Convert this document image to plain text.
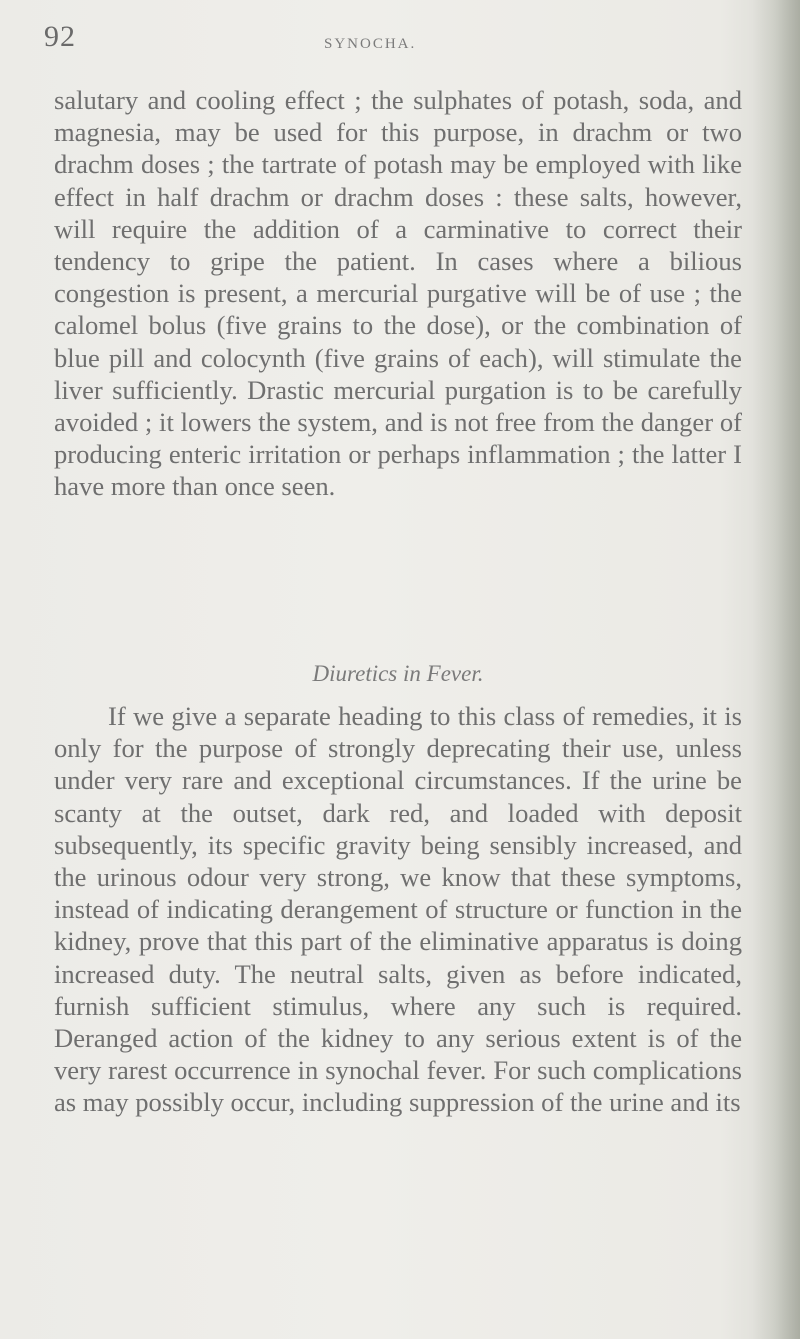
92	SYNOCHA.

salutary and cooling effect ; the sulphates of potash, soda, and magnesia, may be used for this purpose, in drachm or two drachm doses ; the tartrate of potash may be employed with like effect in half drachm or drachm doses : these salts, however, will require the addition of a carminative to correct their tendency to gripe the patient. In cases where a bilious congestion is present, a mercurial purgative will be of use ; the calomel bolus (five grains to the dose), or the combination of blue pill and colocynth (five grains of each), will stimulate the liver sufficiently. Drastic mercurial purgation is to be carefully avoided ; it lowers the system, and is not free from the danger of producing enteric irritation or perhaps inflammation ; the latter I have more than once seen.

Diuretics in Fever.

If we give a separate heading to this class of remedies, it is only for the purpose of strongly deprecating their use, unless under very rare and exceptional circumstances. If the urine be scanty at the outset, dark red, and loaded with deposit subsequently, its specific gravity being sensibly increased, and the urinous odour very strong, we know that these symptoms, instead of indicating derangement of structure or function in the kidney, prove that this part of the eliminative apparatus is doing increased duty. The neutral salts, given as before indicated, furnish sufficient stimulus, where any such is required. Deranged action of the kidney to any serious extent is of the very rarest occurrence in synochal fever. For such complications as may possibly occur, including suppression of the urine and its
